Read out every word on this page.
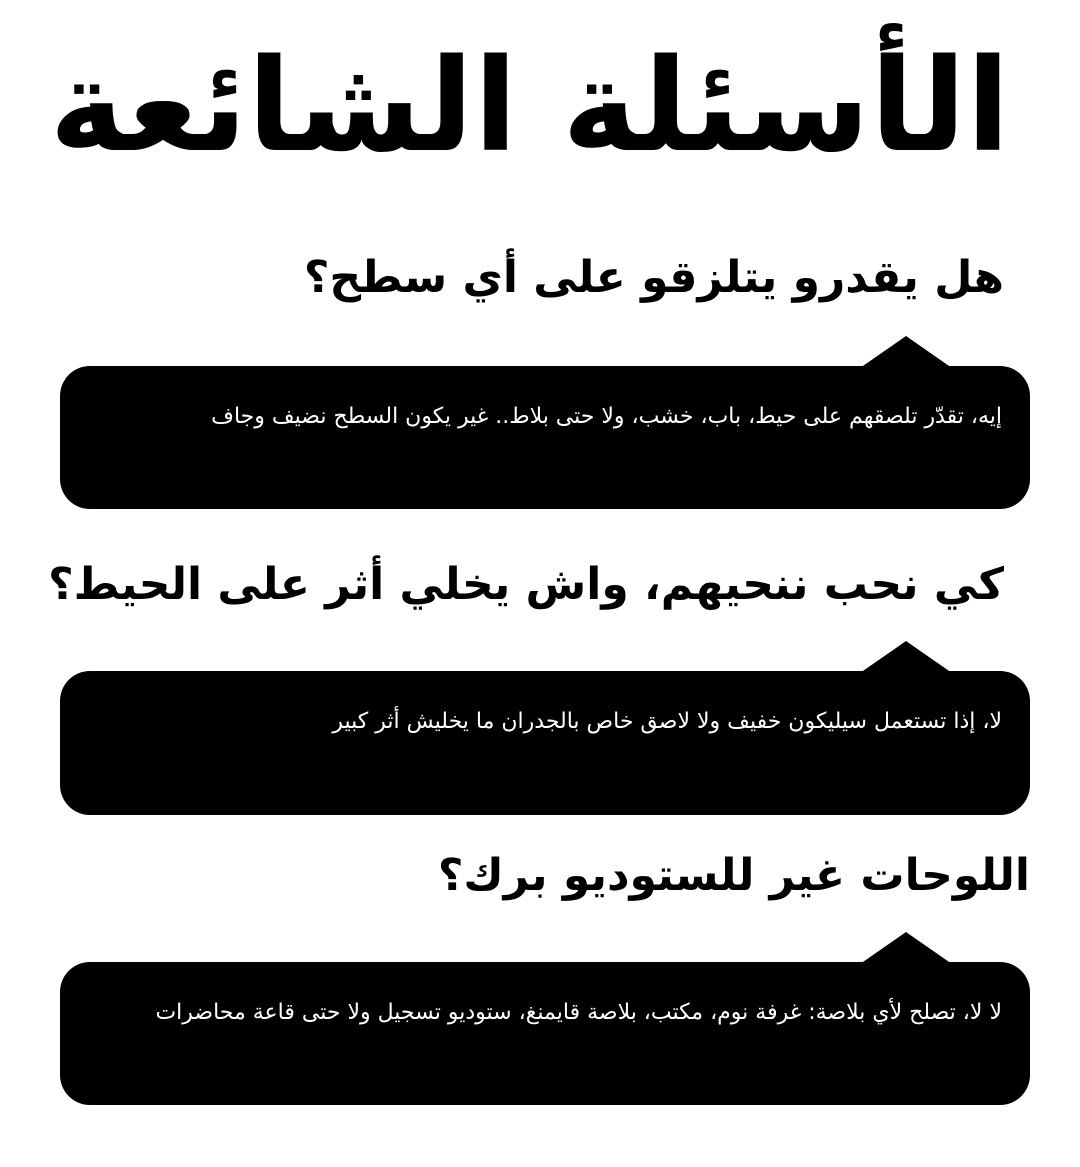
الأسئلة الشائعة
هل يقدرو يتلزقو على أي سطح؟

إيه، تقدّر تلصقهم على حيط، باب، خشب، ولا حتى بلاط.. غير يكون السطح نضيف وجاف

كي نحب ننحيهم، واش يخلي أثر على الحيط؟

لا، إذا تستعمل سيليكون خفيف ولا لاصق خاص بالجدران ما يخليش أثر كبير

اللوحات غير للستوديو برك؟

لا لا، تصلح لأي بلاصة: غرفة نوم، مكتب، بلاصة قايمنغ، ستوديو تسجيل ولا حتى قاعة محاضرات
